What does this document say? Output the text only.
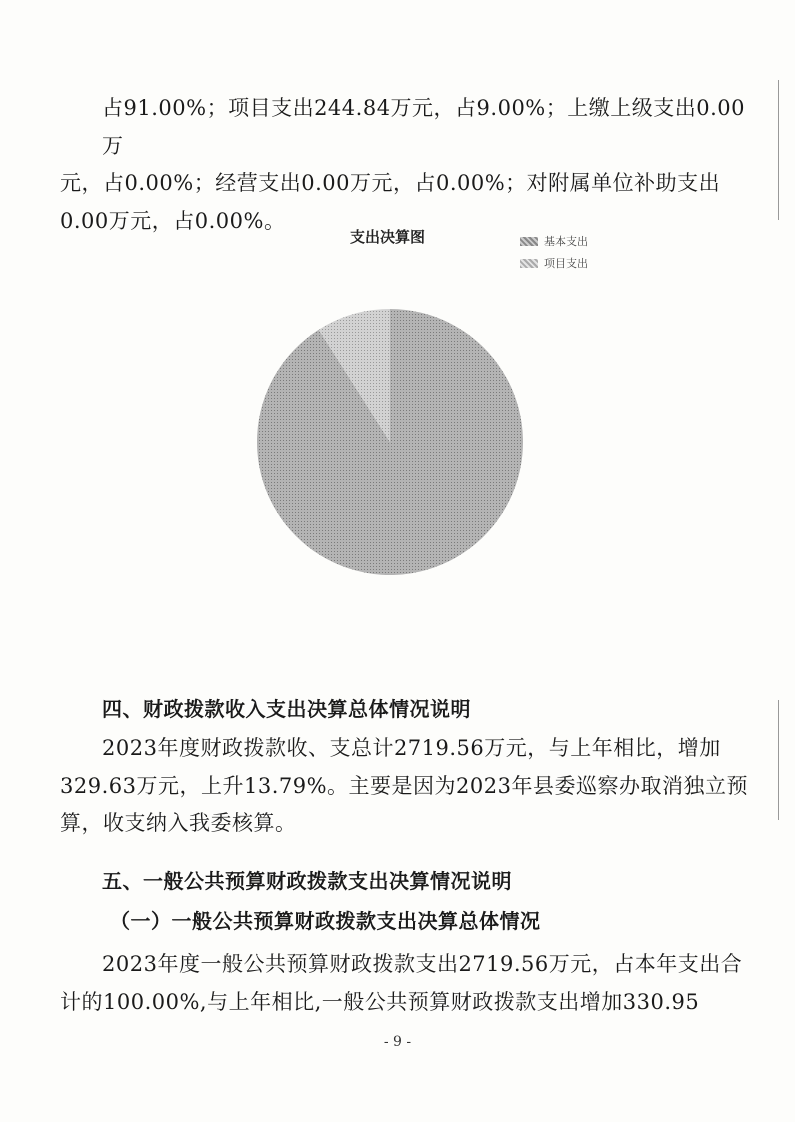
占91.00%；项目支出244.84万元，占9.00%；上缴上级支出0.00万
元，占0.00%；经营支出0.00万元，占0.00%；对附属单位补助支出
0.00万元，占0.00%。
支出决算图	基本支出
项目支出
四、财政拨款收入支出决算总体情况说明

2023年度财政拨款收、支总计2719.56万元，与上年相比，增加329.63万元，上升13.79%。主要是因为2023年县委巡察办取消独立预算，收支纳入我委核算。

五、一般公共预算财政拨款支出决算情况说明
（一）一般公共预算财政拨款支出决算总体情况

2023年度一般公共预算财政拨款支出2719.56万元，占本年支出合计的100.00%,与上年相比,一般公共预算财政拨款支出增加330.95

- 9 -
